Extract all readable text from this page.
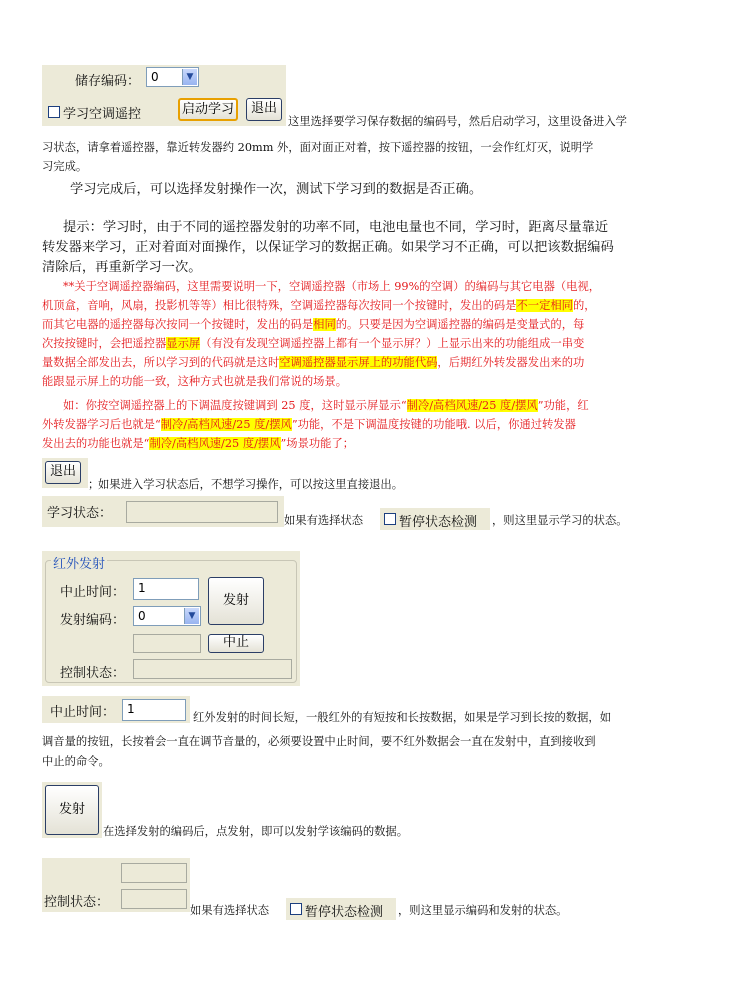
储存编码： 0	▼
学习空调遥控	启动学习	退出
这里选择要学习保存数据的编码号，然后启动学习，这里设备进入学
习状态，请拿着遥控器，靠近转发器约 20mm 外，面对面正对着，按下遥控器的按钮，一会作红灯灭，说明学
习完成。
学习完成后，可以选择发射操作一次，测试下学习到的数据是否正确。
提示：学习时，由于不同的遥控器发射的功率不同，电池电量也不同，学习时，距离尽量靠近
转发器来学习，正对着面对面操作，以保证学习的数据正确。如果学习不正确，可以把该数据编码
清除后，再重新学习一次。
**关于空调遥控器编码，这里需要说明一下，空调遥控器（市场上 99%的空调）的编码与其它电器（电视，
机顶盒，音响，风扇，投影机等等）相比很特殊，空调遥控器每次按同一个按键时，发出的码是不一定相同的，
而其它电器的遥控器每次按同一个按键时，发出的码是相同的。只要是因为空调遥控器的编码是变量式的，每
次按按键时，会把遥控器显示屏（有没有发现空调遥控器上都有一个显示屏？）上显示出来的功能组成一串变
量数据全部发出去，所以学习到的代码就是这时空调遥控器显示屏上的功能代码，后期红外转发器发出来的功
能跟显示屏上的功能一致，这种方式也就是我们常说的场景。
如：你按空调遥控器上的下调温度按键调到 25 度，这时显示屏显示“制冷/高档风速/25 度/摆风”功能，红
外转发器学习后也就是“制冷/高档风速/25 度/摆风”功能，不是下调温度按键的功能哦. 以后，你通过转发器
发出去的功能也就是“制冷/高档风速/25 度/摆风”场景功能了；
退出
；
如果进入学习状态后，不想学习操作，可以按这里直接退出。
学习状态：	如果有选择状态	暂停状态检测 ，则这里显示学习的状态。
红外发射
中止时间：	1
发射编码：	0	▼
发射
中止
控制状态：
中止时间： 1
红外发射的时间长短，一般红外的有短按和长按数据，如果是学习到长按的数据，如
调音量的按钮，长按着会一直在调节音量的，必须要设置中止时间，要不红外数据会一直在发射中，直到接收到
中止的命令。
发射
在选择发射的编码后，点发射，即可以发射学该编码的数据。
控制状态：
如果有选择状态	暂停状态检测 ，则这里显示编码和发射的状态。
